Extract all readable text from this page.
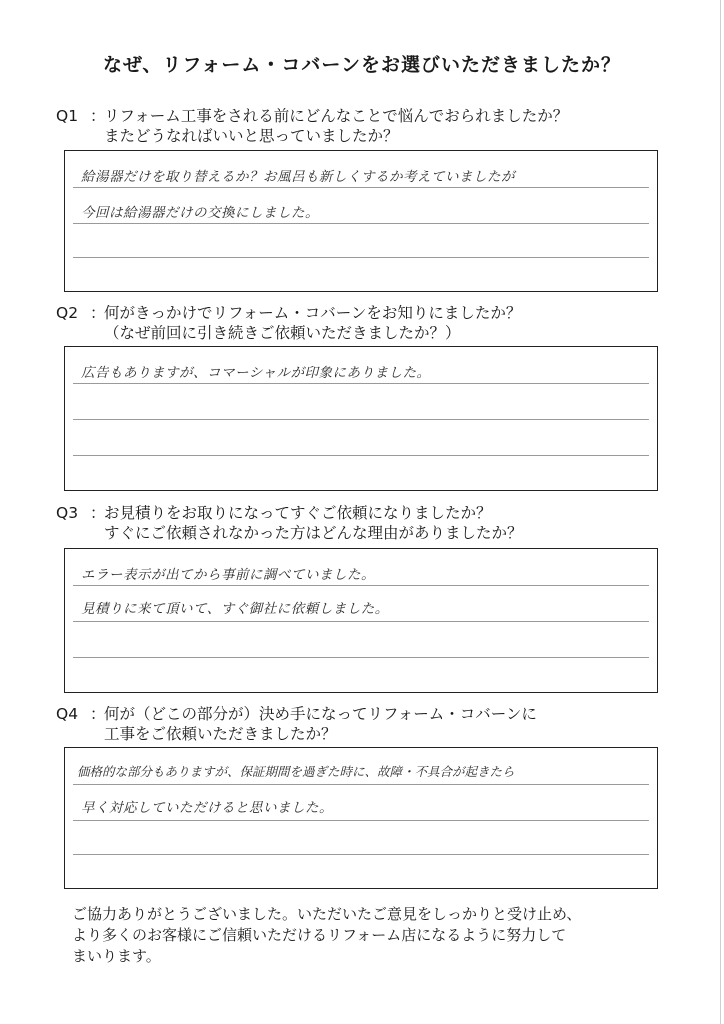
なぜ、リフォーム・コバーンをお選びいただきましたか？
Q1 ：リフォーム工事をされる前にどんなことで悩んでおられましたか？
またどうなればいいと思っていましたか？
給湯器だけを取り替えるか？お風呂も新しくするか考えていましたが
今回は給湯器だけの交換にしました。
Q2 ：何がきっかけでリフォーム・コバーンをお知りにましたか？
（なぜ前回に引き続きご依頼いただきましたか？）
広告もありますが、コマーシャルが印象にありました。
Q3 ：お見積りをお取りになってすぐご依頼になりましたか？
すぐにご依頼されなかった方はどんな理由がありましたか？
エラー表示が出てから事前に調べていました。
見積りに来て頂いて、すぐ御社に依頼しました。
Q4 ：何が（どこの部分が）決め手になってリフォーム・コバーンに
工事をご依頼いただきましたか？
価格的な部分もありますが、保証期間を過ぎた時に、故障・不具合が起きたら
早く対応していただけると思いました。
ご協力ありがとうございました。いただいたご意見をしっかりと受け止め、
より多くのお客様にご信頼いただけるリフォーム店になるように努力して
まいります。
